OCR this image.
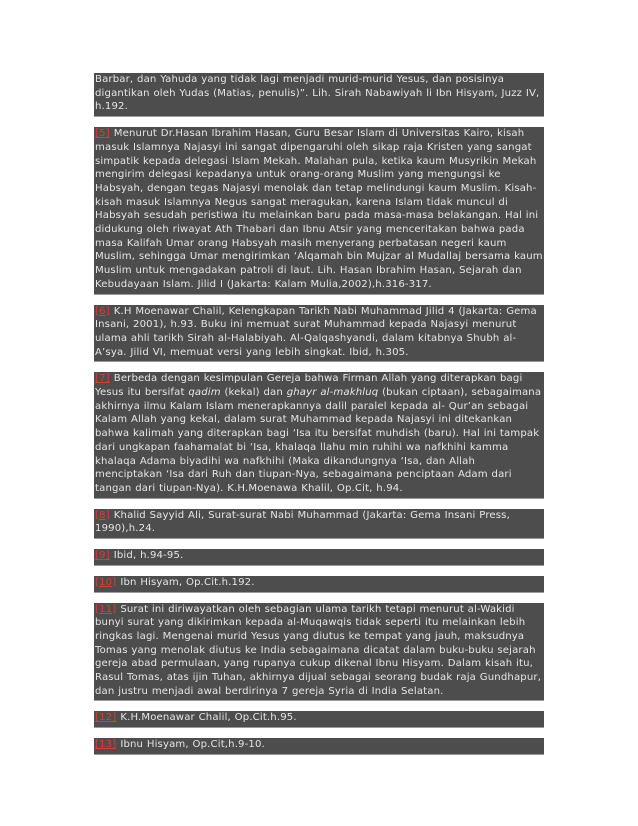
Barbar, dan Yahuda yang tidak lagi menjadi murid-murid Yesus, dan posisinya digantikan oleh Yudas (Matias, penulis)”. Lih. Sirah Nabawiyah li Ibn Hisyam, Juzz IV, h.192.
[5] Menurut Dr.Hasan Ibrahim Hasan, Guru Besar Islam di Universitas Kairo, kisah masuk Islamnya Najasyi ini sangat dipengaruhi oleh sikap raja Kristen yang sangat simpatik kepada delegasi Islam Mekah. Malahan pula, ketika kaum Musyrikin Mekah mengirim delegasi kepadanya untuk orang-orang Muslim yang mengungsi ke Habsyah, dengan tegas Najasyi menolak dan tetap melindungi kaum Muslim. Kisah-kisah masuk Islamnya Negus sangat meragukan, karena Islam tidak muncul di Habsyah sesudah peristiwa itu melainkan baru pada masa-masa belakangan. Hal ini didukung oleh riwayat Ath Thabari dan Ibnu Atsir yang menceritakan bahwa pada masa Kalifah Umar orang Habsyah masih menyerang perbatasan negeri kaum Muslim, sehingga Umar mengirimkan ‘Alqamah bin Mujzar al Mudallaj bersama kaum Muslim untuk mengadakan patroli di laut. Lih. Hasan Ibrahim Hasan, Sejarah dan Kebudayaan Islam. Jilid I (Jakarta: Kalam Mulia,2002),h.316-317.
[6] K.H Moenawar Chalil, Kelengkapan Tarikh Nabi Muhammad Jilid 4 (Jakarta: Gema Insani, 2001), h.93. Buku ini memuat surat Muhammad kepada Najasyi menurut ulama ahli tarikh Sirah al-Halabiyah. Al-Qalqashyandi, dalam kitabnya Shubh al-A’sya. Jilid VI, memuat versi yang lebih singkat. Ibid, h.305.
[7] Berbeda dengan kesimpulan Gereja bahwa Firman Allah yang diterapkan bagi Yesus itu bersifat qadim (kekal) dan ghayr al-makhluq (bukan ciptaan), sebagaimana akhirnya ilmu Kalam Islam menerapkannya dalil paralel kepada al- Qur’an sebagai Kalam Allah yang kekal, dalam surat Muhammad kepada Najasyi ini ditekankan bahwa kalimah yang diterapkan bagi ‘Isa itu bersifat muhdish (baru). Hal ini tampak dari ungkapan faahamalat bi ‘Isa, khalaqa llahu min ruhihi wa nafkhihi kamma khalaqa Adama biyadihi wa nafkhihi (Maka dikandungnya ‘Isa, dan Allah menciptakan ‘Isa dari Ruh dan tiupan-Nya, sebagaimana penciptaan Adam dari tangan dari tiupan-Nya). K.H.Moenawa Khalil, Op.Cit, h.94.
[8] Khalid Sayyid Ali, Surat-surat Nabi Muhammad (Jakarta: Gema Insani Press, 1990),h.24.
[9] Ibid, h.94-95.
[10] Ibn Hisyam, Op.Cit.h.192.
[11] Surat ini diriwayatkan oleh sebagian ulama tarikh tetapi menurut al-Wakidi bunyi surat yang dikirimkan kepada al-Muqawqis tidak seperti itu melainkan lebih ringkas lagi. Mengenai murid Yesus yang diutus ke tempat yang jauh, maksudnya Tomas yang menolak diutus ke India sebagaimana dicatat dalam buku-buku sejarah gereja abad permulaan, yang rupanya cukup dikenal Ibnu Hisyam. Dalam kisah itu, Rasul Tomas, atas ijin Tuhan, akhirnya dijual sebagai seorang budak raja Gundhapur, dan justru menjadi awal berdirinya 7 gereja Syria di India Selatan.
[12] K.H.Moenawar Chalil, Op.Cit.h.95.
[13] Ibnu Hisyam, Op.Cit,h.9-10.
